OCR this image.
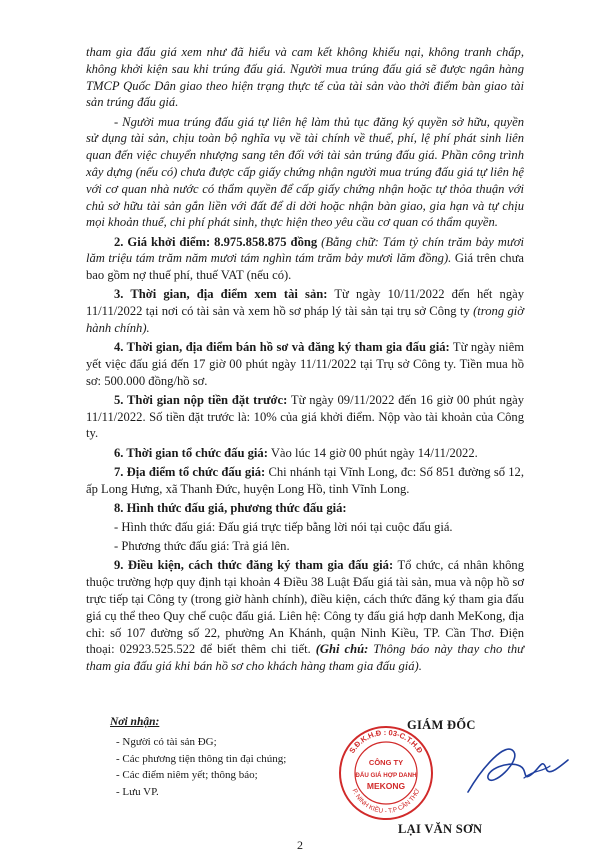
tham gia đấu giá xem như đã hiểu và cam kết không khiếu nại, không tranh chấp, không khởi kiện sau khi trúng đấu giá. Người mua trúng đấu giá sẽ được ngân hàng TMCP Quốc Dân giao theo hiện trạng thực tế của tài sản vào thời điểm bàn giao tài sản trúng đấu giá.

- Người mua trúng đấu giá tự liên hệ làm thủ tục đăng ký quyền sở hữu, quyền sử dụng tài sản, chịu toàn bộ nghĩa vụ về tài chính về thuế, phí, lệ phí phát sinh liên quan đến việc chuyển nhượng sang tên đối với tài sản trúng đấu giá. Phần công trình xây dựng (nếu có) chưa được cấp giấy chứng nhận người mua trúng đấu giá tự liên hệ với cơ quan nhà nước có thẩm quyền để cấp giấy chứng nhận hoặc tự thỏa thuận với chủ sở hữu tài sản gắn liền với đất để di dời hoặc nhận bàn giao, gia hạn và tự chịu mọi khoản thuế, chi phí phát sinh, thực hiện theo yêu cầu cơ quan có thẩm quyền.

2. Giá khởi điểm: 8.975.858.875 đồng (Bằng chữ: Tám tỷ chín trăm bảy mươi lăm triệu tám trăm năm mươi tám nghìn tám trăm bảy mươi lăm đồng). Giá trên chưa bao gồm nợ thuế phí, thuế VAT (nếu có).

3. Thời gian, địa điểm xem tài sản: Từ ngày 10/11/2022 đến hết ngày 11/11/2022 tại nơi có tài sản và xem hồ sơ pháp lý tài sản tại trụ sở Công ty (trong giờ hành chính).

4. Thời gian, địa điểm bán hồ sơ và đăng ký tham gia đấu giá: Từ ngày niêm yết việc đấu giá đến 17 giờ 00 phút ngày 11/11/2022 tại Trụ sở Công ty. Tiền mua hồ sơ: 500.000 đồng/hồ sơ.

5. Thời gian nộp tiền đặt trước: Từ ngày 09/11/2022 đến 16 giờ 00 phút ngày 11/11/2022. Số tiền đặt trước là: 10% của giá khởi điểm. Nộp vào tài khoản của Công ty.

6. Thời gian tổ chức đấu giá: Vào lúc 14 giờ 00 phút ngày 14/11/2022.

7. Địa điểm tổ chức đấu giá: Chi nhánh tại Vĩnh Long, đc: Số 851 đường số 12, ấp Long Hưng, xã Thanh Đức, huyện Long Hồ, tỉnh Vĩnh Long.

8. Hình thức đấu giá, phương thức đấu giá:

- Hình thức đấu giá: Đấu giá trực tiếp bằng lời nói tại cuộc đấu giá.

- Phương thức đấu giá: Trả giá lên.

9. Điều kiện, cách thức đăng ký tham gia đấu giá: Tổ chức, cá nhân không thuộc trường hợp quy định tại khoản 4 Điều 38 Luật Đấu giá tài sản, mua và nộp hồ sơ trực tiếp tại Công ty (trong giờ hành chính), điều kiện, cách thức đăng ký tham gia đấu giá cụ thể theo Quy chế cuộc đấu giá. Liên hệ: Công ty đấu giá hợp danh MeKong, địa chỉ: số 107 đường số 22, phường An Khánh, quận Ninh Kiều, TP. Cần Thơ. Điện thoại: 02923.525.522 để biết thêm chi tiết. (Ghi chú: Thông báo này thay cho thư tham gia đấu giá khi bán hồ sơ cho khách hàng tham gia đấu giá).

Nơi nhận:
- Người có tài sản ĐG;
- Các phương tiện thông tin đại chúng;
- Các điểm niêm yết; thông báo;
- Lưu VP.
S.Đ.K.H.Đ : 03-C.T.H.Đ
P. NINH KIỀU - T.P CẦN THƠ
CÔNG TY
ĐẤU GIÁ HỢP DANH
MEKONG
GIÁM ĐỐC
LẠI VĂN SƠN
2
